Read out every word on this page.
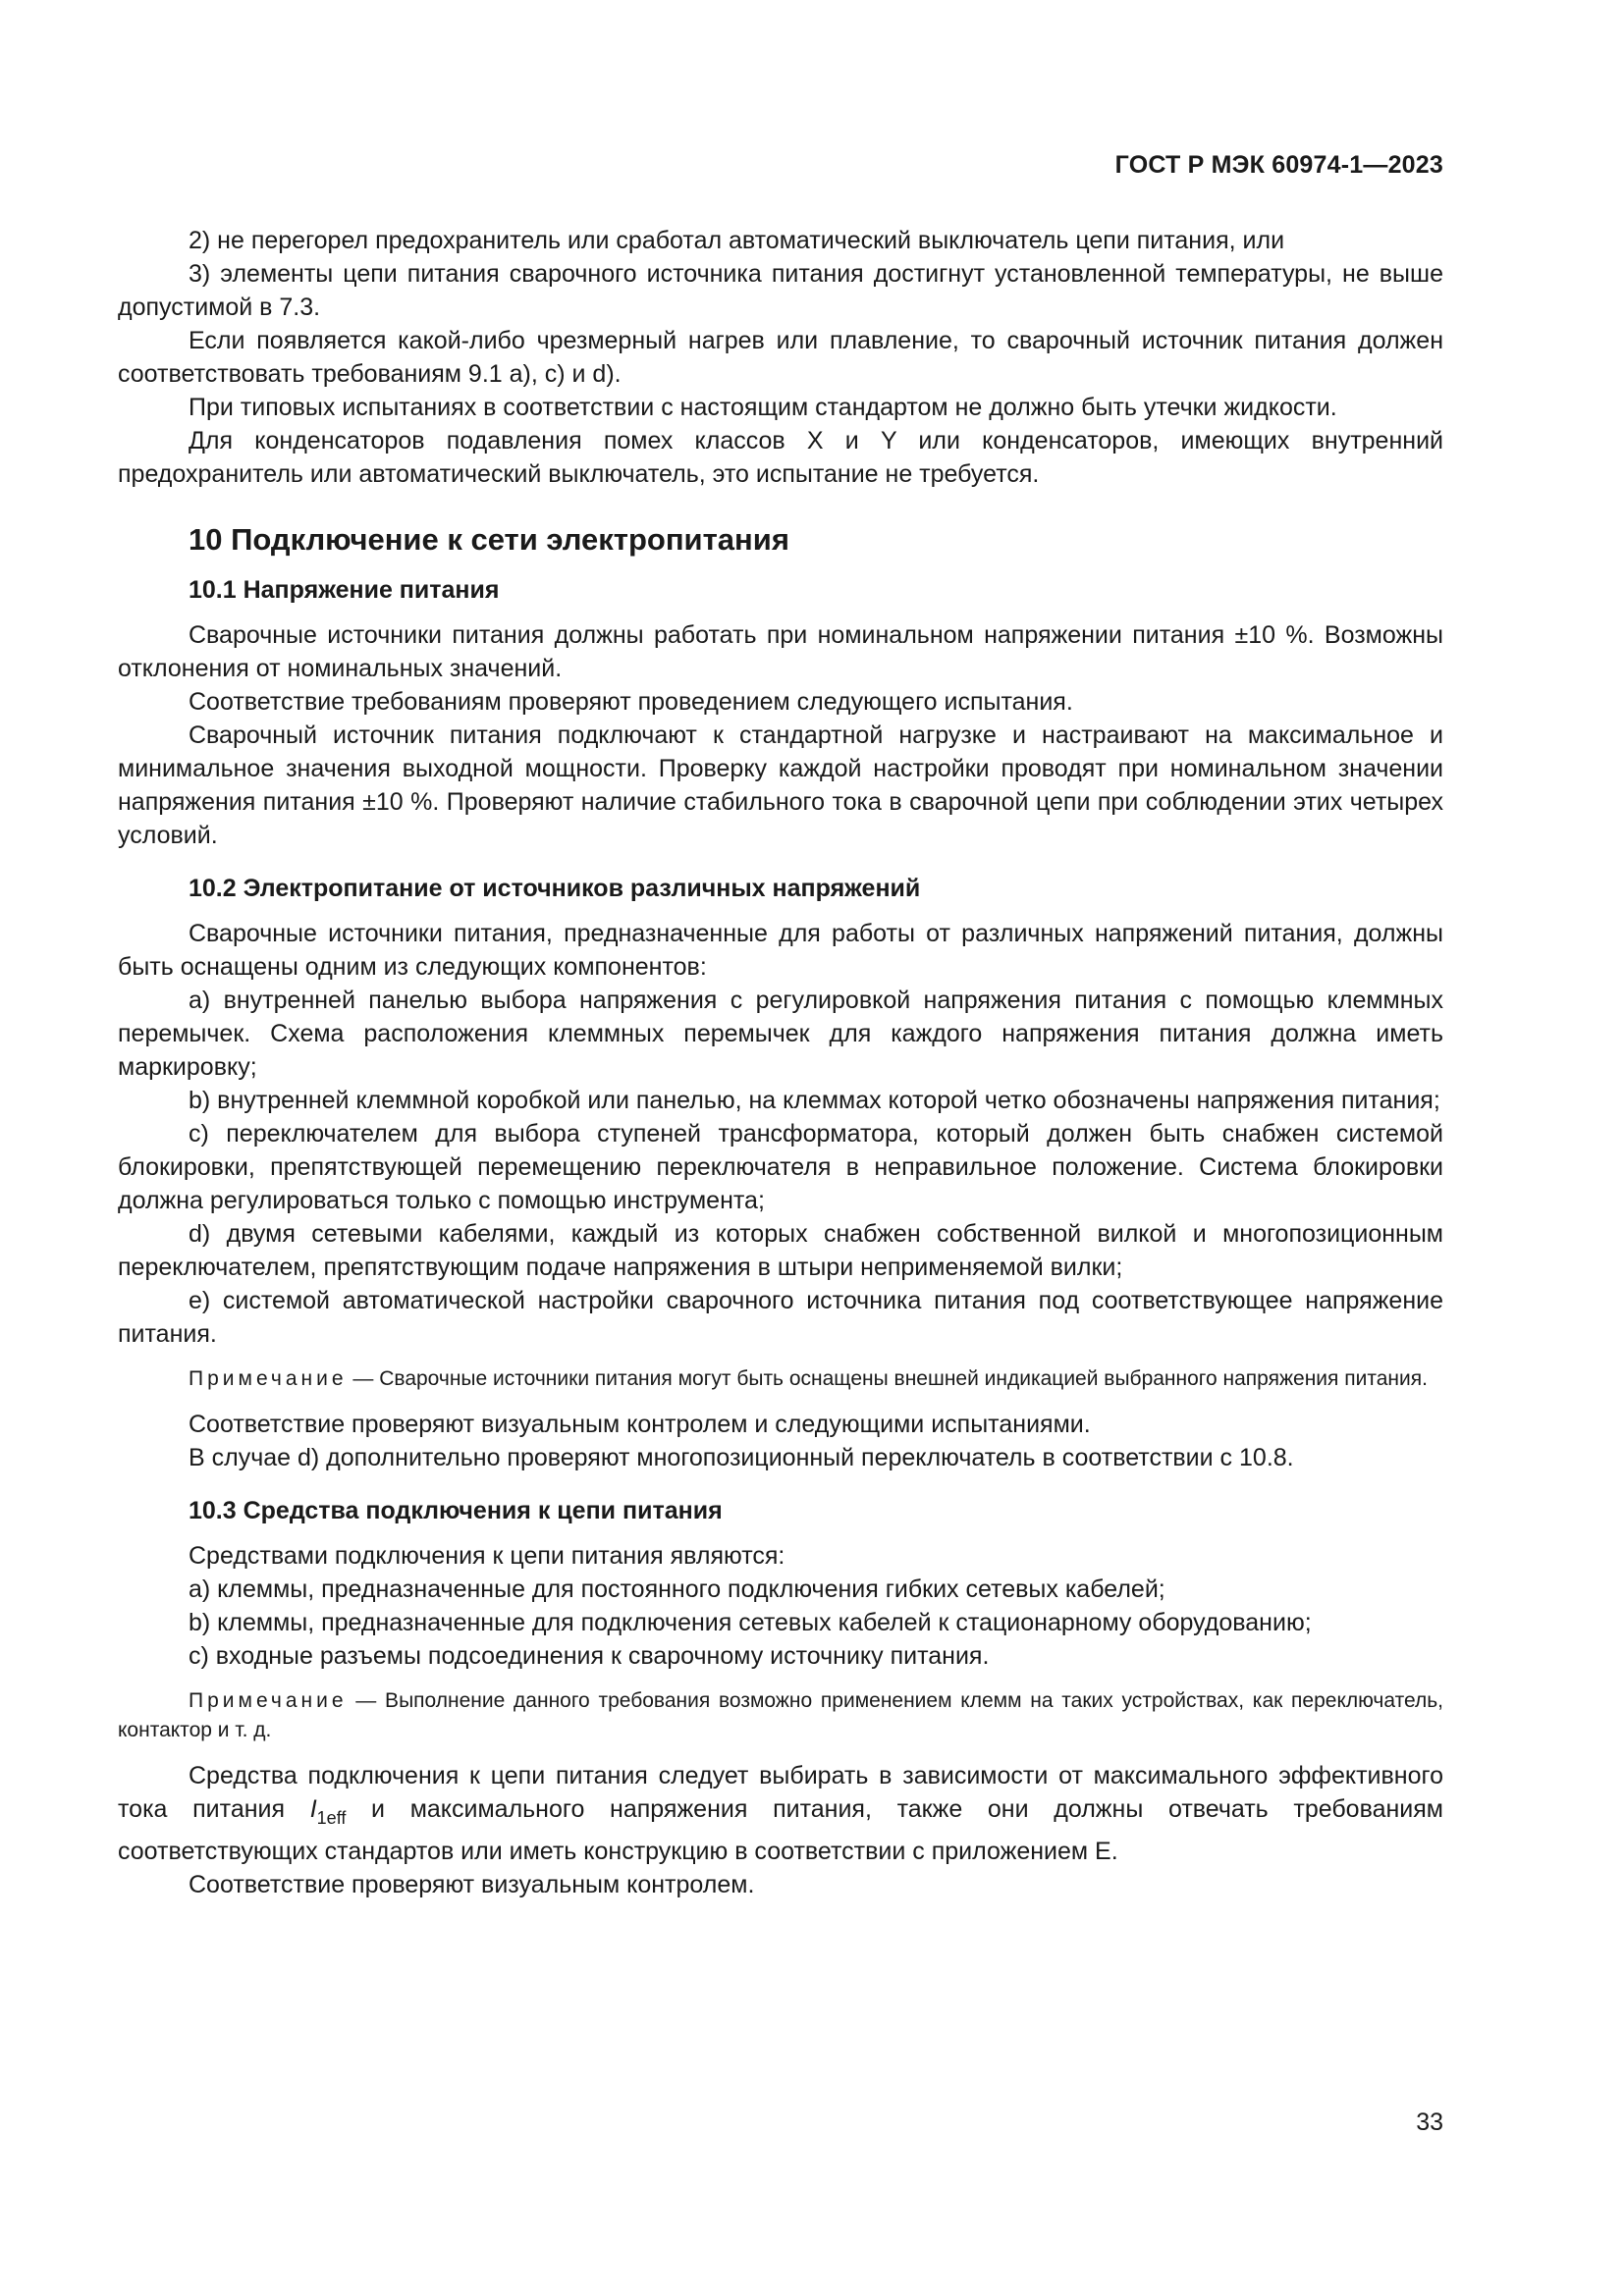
ГОСТ Р МЭК 60974-1—2023

2) не перегорел предохранитель или сработал автоматический выключатель цепи питания, или

3) элементы цепи питания сварочного источника питания достигнут установленной температуры, не выше допустимой в 7.3.

Если появляется какой-либо чрезмерный нагрев или плавление, то сварочный источник питания должен соответствовать требованиям 9.1 a), c) и d).

При типовых испытаниях в соответствии с настоящим стандартом не должно быть утечки жидкости.

Для конденсаторов подавления помех классов X и Y или конденсаторов, имеющих внутренний предохранитель или автоматический выключатель, это испытание не требуется.

10 Подключение к сети электропитания
10.1 Напряжение питания

Сварочные источники питания должны работать при номинальном напряжении питания ±10 %. Возможны отклонения от номинальных значений.

Соответствие требованиям проверяют проведением следующего испытания.

Сварочный источник питания подключают к стандартной нагрузке и настраивают на максимальное и минимальное значения выходной мощности. Проверку каждой настройки проводят при номинальном значении напряжения питания ±10 %. Проверяют наличие стабильного тока в сварочной цепи при соблюдении этих четырех условий.

10.2 Электропитание от источников различных напряжений

Сварочные источники питания, предназначенные для работы от различных напряжений питания, должны быть оснащены одним из следующих компонентов:

a) внутренней панелью выбора напряжения с регулировкой напряжения питания с помощью клеммных перемычек. Схема расположения клеммных перемычек для каждого напряжения питания должна иметь маркировку;

b) внутренней клеммной коробкой или панелью, на клеммах которой четко обозначены напряжения питания;

c) переключателем для выбора ступеней трансформатора, который должен быть снабжен системой блокировки, препятствующей перемещению переключателя в неправильное положение. Система блокировки должна регулироваться только с помощью инструмента;

d) двумя сетевыми кабелями, каждый из которых снабжен собственной вилкой и многопозиционным переключателем, препятствующим подаче напряжения в штыри неприменяемой вилки;

e) системой автоматической настройки сварочного источника питания под соответствующее напряжение питания.

Примечание — Сварочные источники питания могут быть оснащены внешней индикацией выбранного напряжения питания.

Соответствие проверяют визуальным контролем и следующими испытаниями.

В случае d) дополнительно проверяют многопозиционный переключатель в соответствии с 10.8.

10.3 Средства подключения к цепи питания

Средствами подключения к цепи питания являются:

a) клеммы, предназначенные для постоянного подключения гибких сетевых кабелей;

b) клеммы, предназначенные для подключения сетевых кабелей к стационарному оборудованию;

c) входные разъемы подсоединения к сварочному источнику питания.

Примечание — Выполнение данного требования возможно применением клемм на таких устройствах, как переключатель, контактор и т. д.

Средства подключения к цепи питания следует выбирать в зависимости от максимального эффективного тока питания $I_{1eff}$ и максимального напряжения питания, также они должны отвечать требованиям соответствующих стандартов или иметь конструкцию в соответствии с приложением E.

Соответствие проверяют визуальным контролем.

33
